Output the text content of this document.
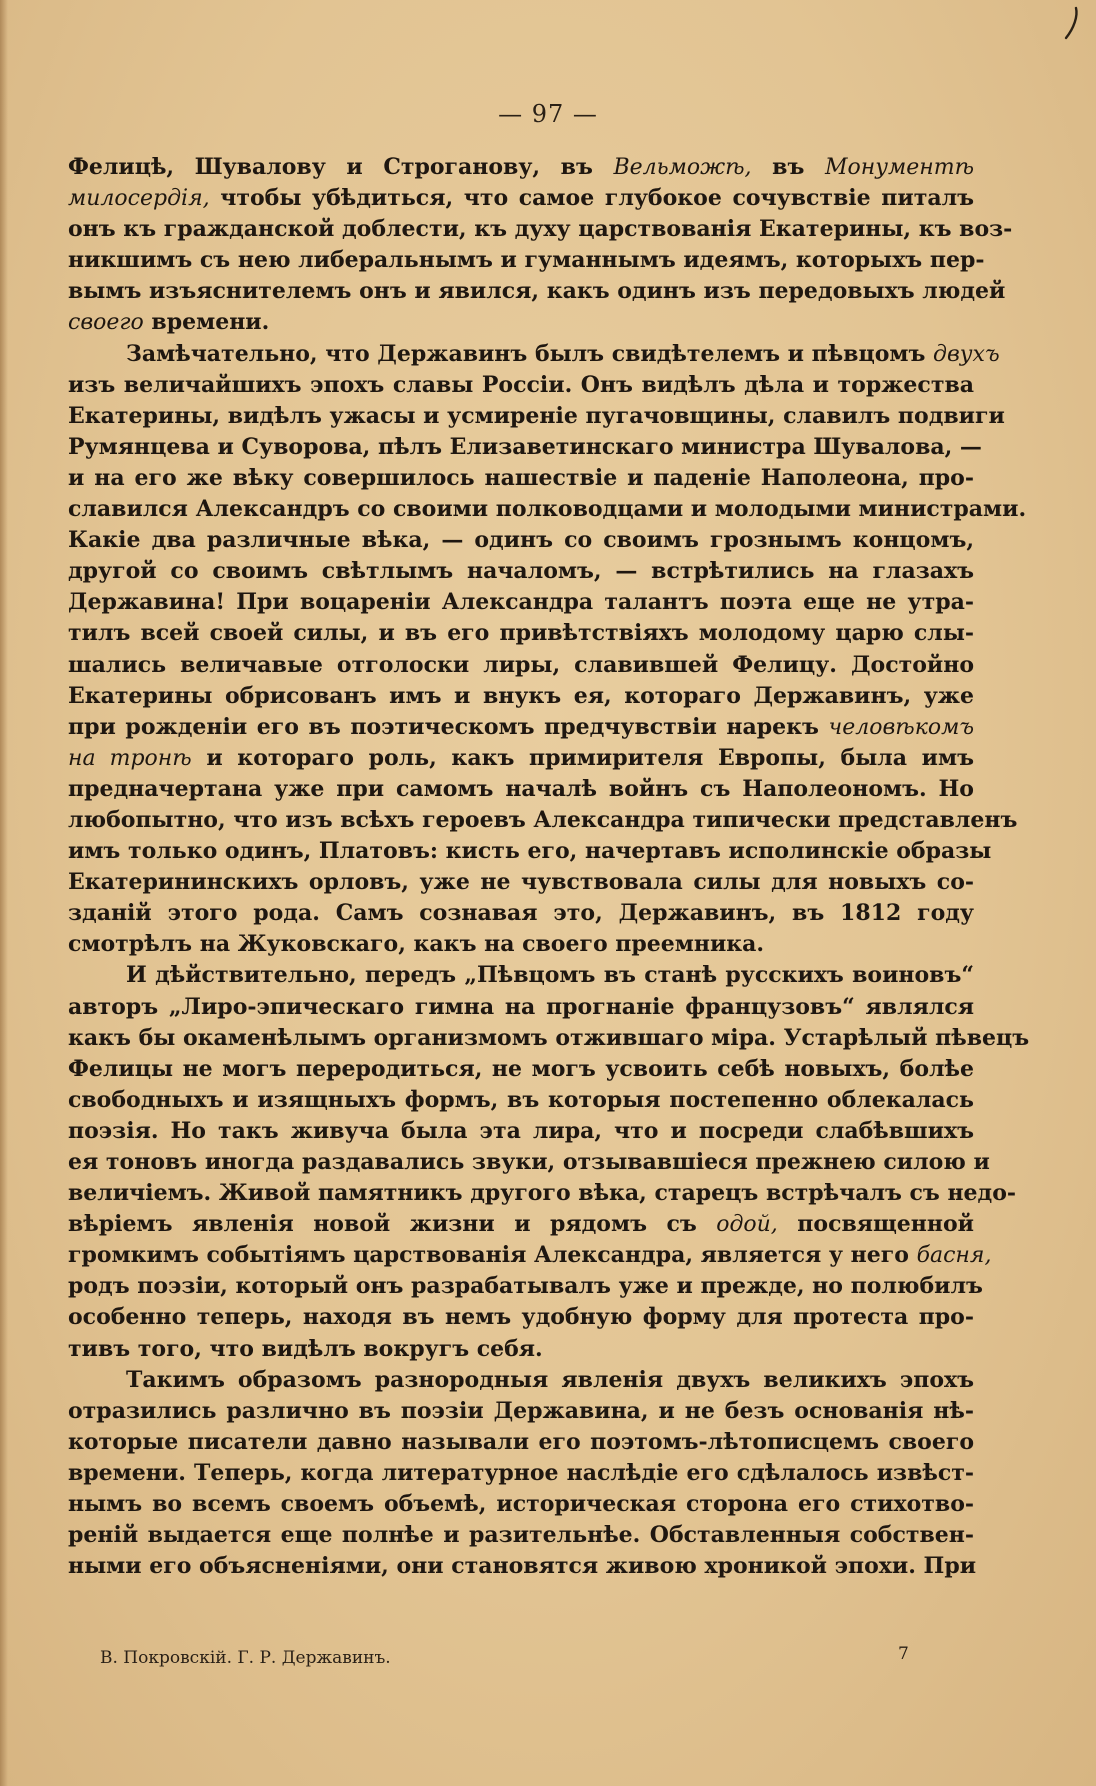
— 97 —
Фелицѣ, Шувалову и Строганову, въ Вельможѣ, въ Монументѣ
милосердія, чтобы убѣдиться, что самое глубокое сочувствіе питалъ
онъ къ гражданской доблести, къ духу царствованія Екатерины, къ воз-
никшимъ съ нею либеральнымъ и гуманнымъ идеямъ, которыхъ пер-
вымъ изъяснителемъ онъ и явился, какъ одинъ изъ передовыхъ людей
своего времени.
Замѣчательно, что Державинъ былъ свидѣтелемъ и пѣвцомъ двухъ
изъ величайшихъ эпохъ славы Россіи. Онъ видѣлъ дѣла и торжества
Екатерины, видѣлъ ужасы и усмиреніе пугачовщины, славилъ подвиги
Румянцева и Суворова, пѣлъ Елизаветинскаго министра Шувалова, —
и на его же вѣку совершилось нашествіе и паденіе Наполеона, про-
славился Александръ со своими полководцами и молодыми министрами.
Какіе два различные вѣка, — одинъ со своимъ грознымъ концомъ,
другой со своимъ свѣтлымъ началомъ, — встрѣтились на глазахъ
Державина! При воцареніи Александра талантъ поэта еще не утра-
тилъ всей своей силы, и въ его привѣтствіяхъ молодому царю слы-
шались величавые отголоски лиры, славившей Фелицу. Достойно
Екатерины обрисованъ имъ и внукъ ея, котораго Державинъ, уже
при рожденіи его въ поэтическомъ предчувствіи нарекъ человѣкомъ
на тронѣ и котораго роль, какъ примирителя Европы, была имъ
предначертана уже при самомъ началѣ войнъ съ Наполеономъ. Но
любопытно, что изъ всѣхъ героевъ Александра типически представленъ
имъ только одинъ, Платовъ: кисть его, начертавъ исполинскіе образы
Екатерининскихъ орловъ, уже не чувствовала силы для новыхъ со-
зданій этого рода. Самъ сознавая это, Державинъ, въ 1812 году
смотрѣлъ на Жуковскаго, какъ на своего преемника.
И дѣйствительно, передъ „Пѣвцомъ въ станѣ русскихъ воиновъ“
авторъ „Лиро-эпическаго гимна на прогнаніе французовъ“ являлся
какъ бы окаменѣлымъ организмомъ отжившаго міра. Устарѣлый пѣвецъ
Фелицы не могъ переродиться, не могъ усвоить себѣ новыхъ, болѣе
свободныхъ и изящныхъ формъ, въ которыя постепенно облекалась
поэзія. Но такъ живуча была эта лира, что и посреди слабѣвшихъ
ея тоновъ иногда раздавались звуки, отзывавшіеся прежнею силою и
величіемъ. Живой памятникъ другого вѣка, старецъ встрѣчалъ съ недо-
вѣріемъ явленія новой жизни и рядомъ съ одой, посвященной
громкимъ событіямъ царствованія Александра, является у него басня,
родъ поэзіи, который онъ разрабатывалъ уже и прежде, но полюбилъ
особенно теперь, находя въ немъ удобную форму для протеста про-
тивъ того, что видѣлъ вокругъ себя.
Такимъ образомъ разнородныя явленія двухъ великихъ эпохъ
отразились различно въ поэзіи Державина, и не безъ основанія нѣ-
которые писатели давно называли его поэтомъ-лѣтописцемъ своего
времени. Теперь, когда литературное наслѣдіе его сдѣлалось извѣст-
нымъ во всемъ своемъ объемѣ, историческая сторона его стихотво-
реній выдается еще полнѣе и разительнѣе. Обставленныя собствен-
ными его объясненіями, они становятся живою хроникой эпохи. При
В. Покровскій. Г. Р. Державинъ.	7
